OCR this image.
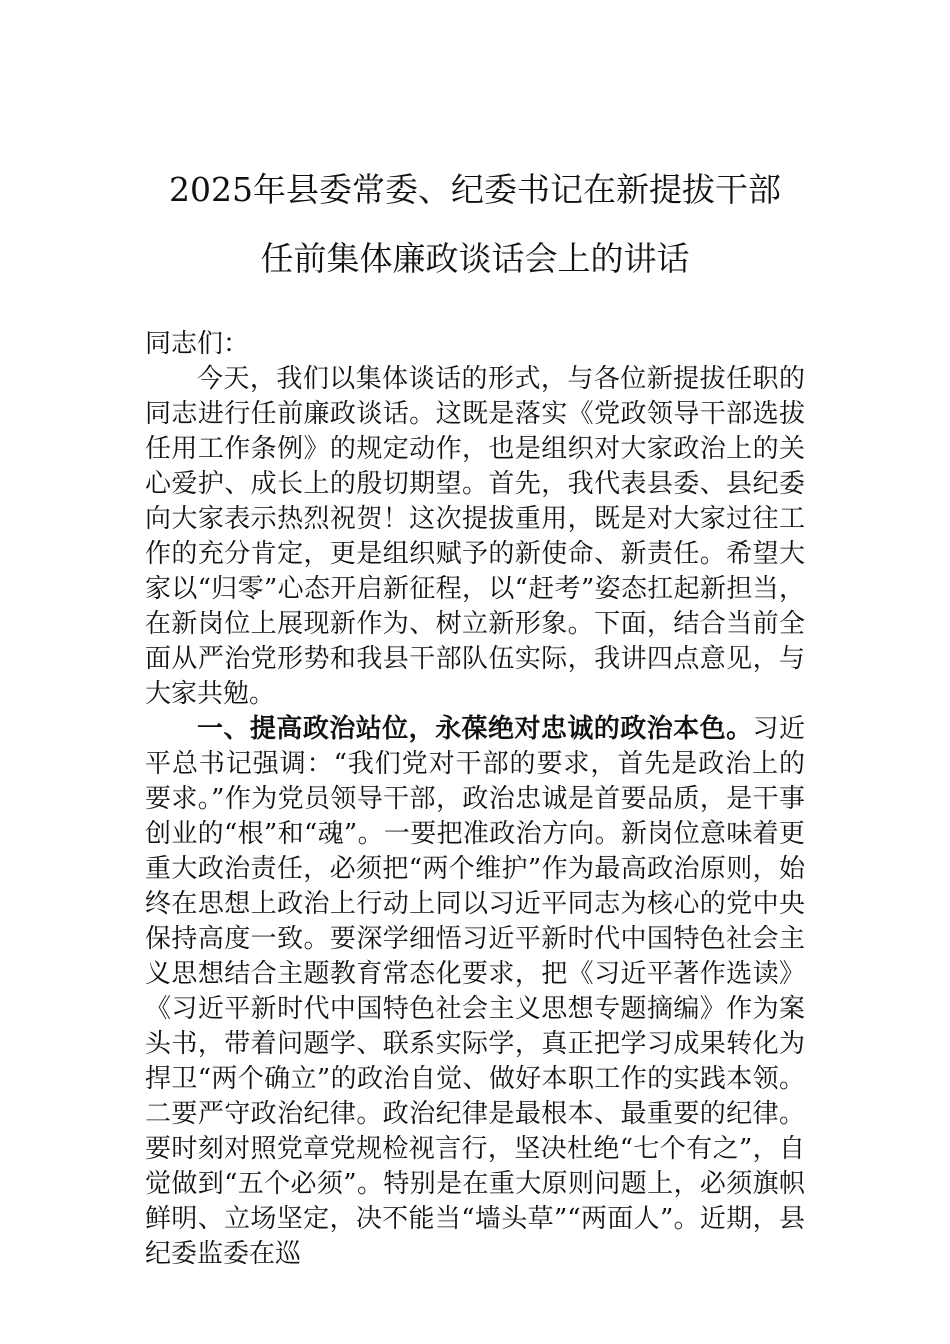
2025年县委常委、纪委书记在新提拔干部
任前集体廉政谈话会上的讲话

同志们：

今天，我们以集体谈话的形式，与各位新提拔任职的同志进行任前廉政谈话。这既是落实《党政领导干部选拔任用工作条例》的规定动作，也是组织对大家政治上的关心爱护、成长上的殷切期望。首先，我代表县委、县纪委向大家表示热烈祝贺！这次提拔重用，既是对大家过往工作的充分肯定，更是组织赋予的新使命、新责任。希望大家以“归零”心态开启新征程，以“赶考”姿态扛起新担当，在新岗位上展现新作为、树立新形象。下面，结合当前全面从严治党形势和我县干部队伍实际，我讲四点意见，与大家共勉。

一、提高政治站位，永葆绝对忠诚的政治本色。习近平总书记强调：“我们党对干部的要求，首先是政治上的要求。”作为党员领导干部，政治忠诚是首要品质，是干事创业的“根”和“魂”。一要把准政治方向。新岗位意味着更重大政治责任，必须把“两个维护”作为最高政治原则，始终在思想上政治上行动上同以习近平同志为核心的党中央保持高度一致。要深学细悟习近平新时代中国特色社会主义思想结合主题教育常态化要求，把《习近平著作选读》《习近平新时代中国特色社会主义思想专题摘编》作为案头书，带着问题学、联系实际学，真正把学习成果转化为捍卫“两个确立”的政治自觉、做好本职工作的实践本领。二要严守政治纪律。政治纪律是最根本、最重要的纪律。要时刻对照党章党规检视言行，坚决杜绝“七个有之”，自觉做到“五个必须”。特别是在重大原则问题上，必须旗帜鲜明、立场坚定，决不能当“墙头草”“两面人”。近期，县纪委监委在巡
